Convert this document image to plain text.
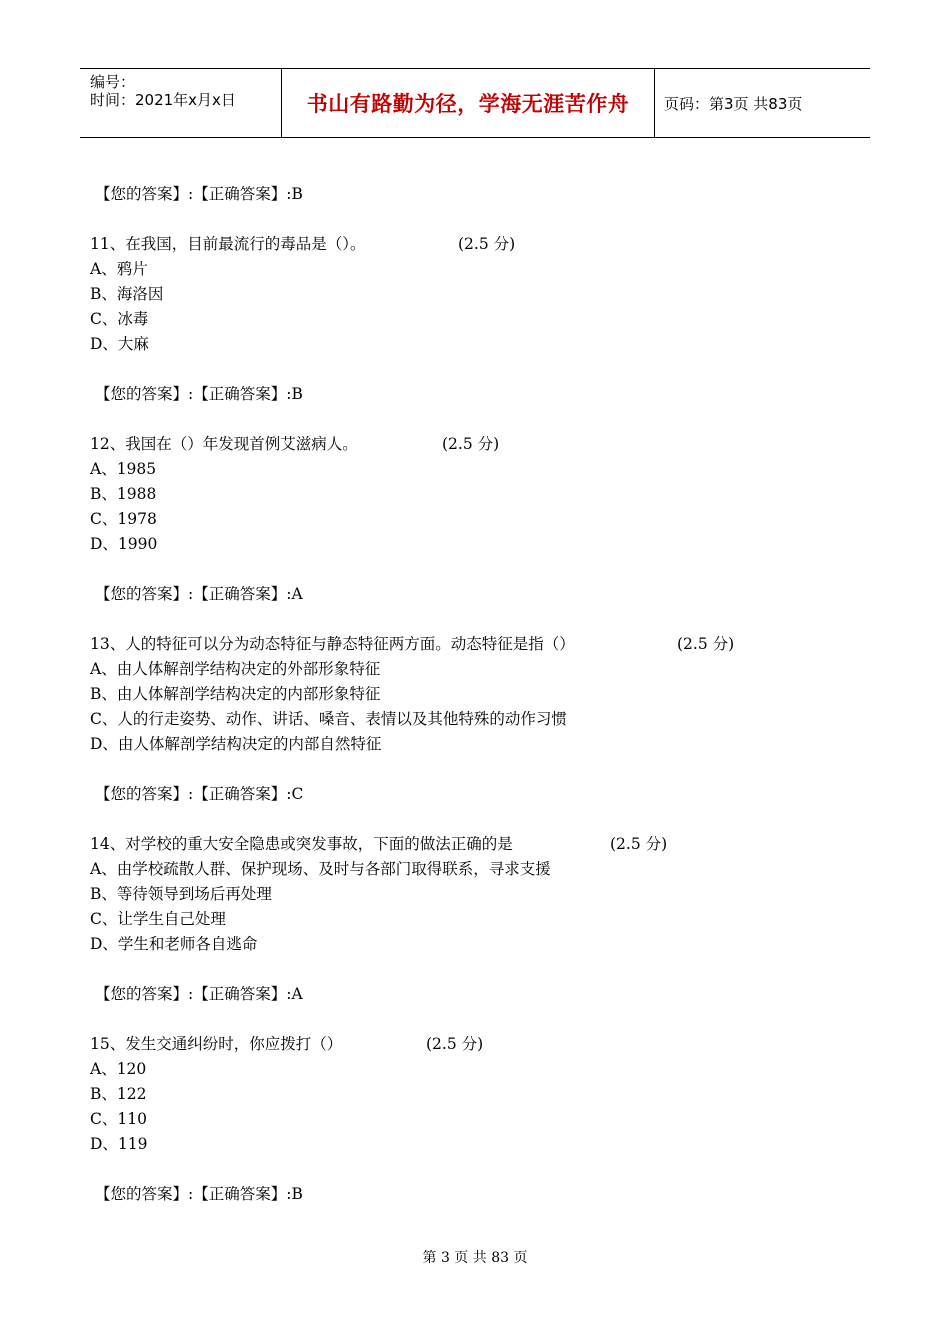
编号：
时间：2021年x月x日	书山有路勤为径，学海无涯苦作舟 页码：第3页 共83页
【您的答案】:【正确答案】:B
11、在我国，目前最流行的毒品是（）。	(2.5 分)
A、鸦片
B、海洛因
C、冰毒
D、大麻
【您的答案】:【正确答案】:B
12、我国在（）年发现首例艾滋病人。	(2.5 分)
A、1985
B、1988
C、1978
D、1990
【您的答案】:【正确答案】:A
13、人的特征可以分为动态特征与静态特征两方面。动态特征是指（）	(2.5 分)
A、由人体解剖学结构决定的外部形象特征
B、由人体解剖学结构决定的内部形象特征
C、人的行走姿势、动作、讲话、嗓音、表情以及其他特殊的动作习惯
D、由人体解剖学结构决定的内部自然特征
【您的答案】:【正确答案】:C
14、对学校的重大安全隐患或突发事故，下面的做法正确的是	(2.5 分)
A、由学校疏散人群、保护现场、及时与各部门取得联系，寻求支援
B、等待领导到场后再处理
C、让学生自己处理
D、学生和老师各自逃命
【您的答案】:【正确答案】:A
15、发生交通纠纷时，你应拨打（）	(2.5 分)
A、120
B、122
C、110
D、119
【您的答案】:【正确答案】:B
第 3 页 共 83 页
